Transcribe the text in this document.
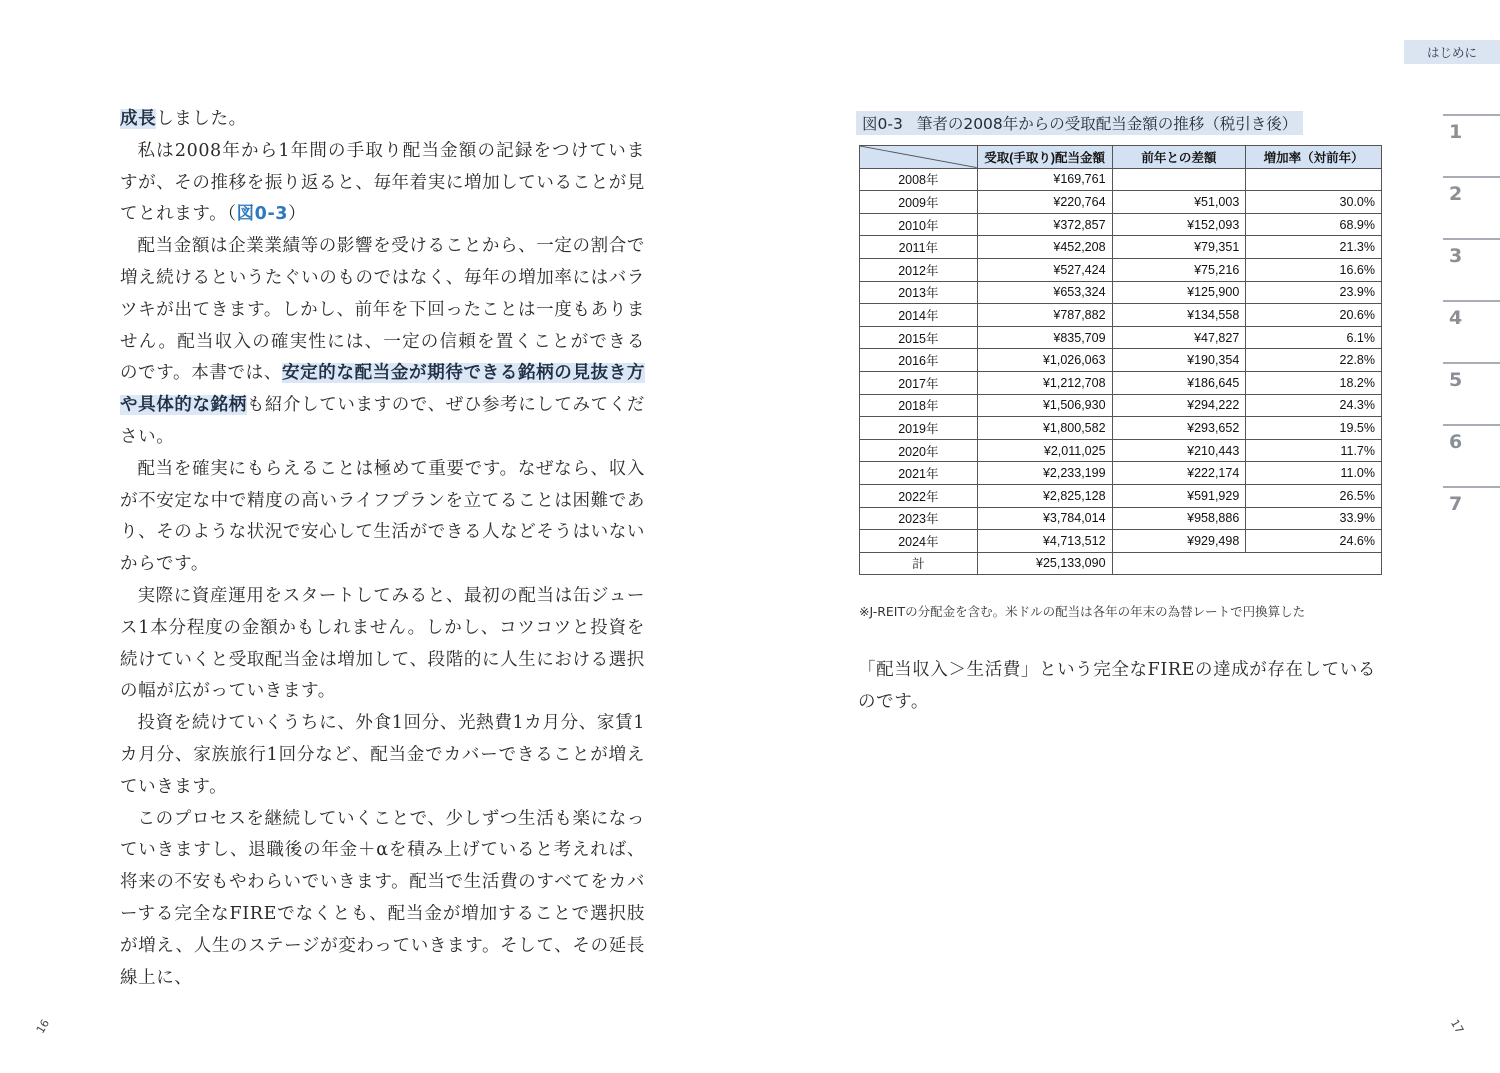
成長しました。

私は2008年から1年間の手取り配当金額の記録をつけていますが、その推移を振り返ると、毎年着実に増加していることが見てとれます。（図0-3）

配当金額は企業業績等の影響を受けることから、一定の割合で増え続けるというたぐいのものではなく、毎年の増加率にはバラツキが出てきます。しかし、前年を下回ったことは一度もありません。配当収入の確実性には、一定の信頼を置くことができるのです。本書では、安定的な配当金が期待できる銘柄の見抜き方や具体的な銘柄も紹介していますので、ぜひ参考にしてみてください。

配当を確実にもらえることは極めて重要です。なぜなら、収入が不安定な中で精度の高いライフプランを立てることは困難であり、そのような状況で安心して生活ができる人などそうはいないからです。

実際に資産運用をスタートしてみると、最初の配当は缶ジュース1本分程度の金額かもしれません。しかし、コツコツと投資を続けていくと受取配当金は増加して、段階的に人生における選択の幅が広がっていきます。

投資を続けていくうちに、外食1回分、光熱費1カ月分、家賃1カ月分、家族旅行1回分など、配当金でカバーできることが増えていきます。

このプロセスを継続していくことで、少しずつ生活も楽になっていきますし、退職後の年金＋αを積み上げていると考えれば、将来の不安もやわらいでいきます。配当で生活費のすべてをカバーする完全なFIREでなくとも、配当金が増加することで選択肢が増え、人生のステージが変わっていきます。そして、その延長線上に、

16
はじめに
1
2
3
4
5
6
7
図0-3 筆者の2008年からの受取配当金額の推移（税引き後）
	受取(手取り)配当金額	前年との差額	増加率（対前年）
2008年	¥169,761		
2009年	¥220,764	¥51,003	30.0%
2010年	¥372,857	¥152,093	68.9%
2011年	¥452,208	¥79,351	21.3%
2012年	¥527,424	¥75,216	16.6%
2013年	¥653,324	¥125,900	23.9%
2014年	¥787,882	¥134,558	20.6%
2015年	¥835,709	¥47,827	6.1%
2016年	¥1,026,063	¥190,354	22.8%
2017年	¥1,212,708	¥186,645	18.2%
2018年	¥1,506,930	¥294,222	24.3%
2019年	¥1,800,582	¥293,652	19.5%
2020年	¥2,011,025	¥210,443	11.7%
2021年	¥2,233,199	¥222,174	11.0%
2022年	¥2,825,128	¥591,929	26.5%
2023年	¥3,784,014	¥958,886	33.9%
2024年	¥4,713,512	¥929,498	24.6%
計	¥25,133,090		
※J-REITの分配金を含む。米ドルの配当は各年の年末の為替レートで円換算した

「配当収入＞生活費」という完全なFIREの達成が存在しているのです。

17
